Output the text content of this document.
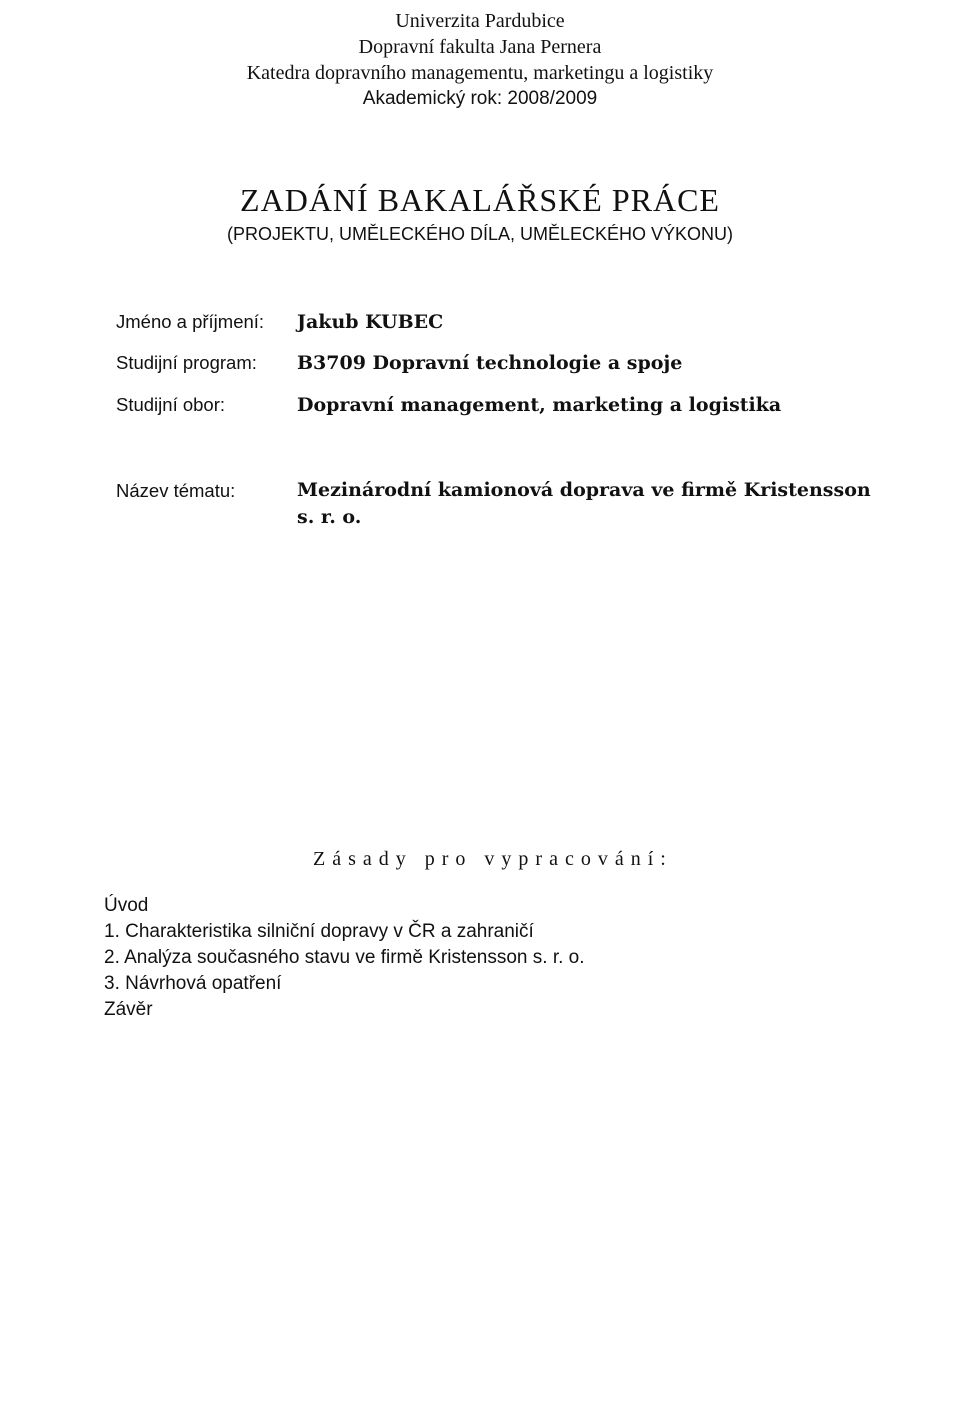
Univerzita Pardubice
Dopravní fakulta Jana Pernera
Katedra dopravního managementu, marketingu a logistiky
Akademický rok: 2008/2009
ZADÁNÍ BAKALÁŘSKÉ PRÁCE
(PROJEKTU, UMĚLECKÉHO DÍLA, UMĚLECKÉHO VÝKONU)
Jméno a příjmení: Jakub KUBEC
Studijní program: B3709 Dopravní technologie a spoje
Studijní obor:	Dopravní management, marketing a logistika
Název tématu:	Mezinárodní kamionová doprava ve firmě Kristensson
s. r. o.
Zásady pro vypracování:
Úvod
1. Charakteristika silniční dopravy v ČR a zahraničí
2. Analýza současného stavu ve firmě Kristensson s. r. o.
3. Návrhová opatření
Závěr
